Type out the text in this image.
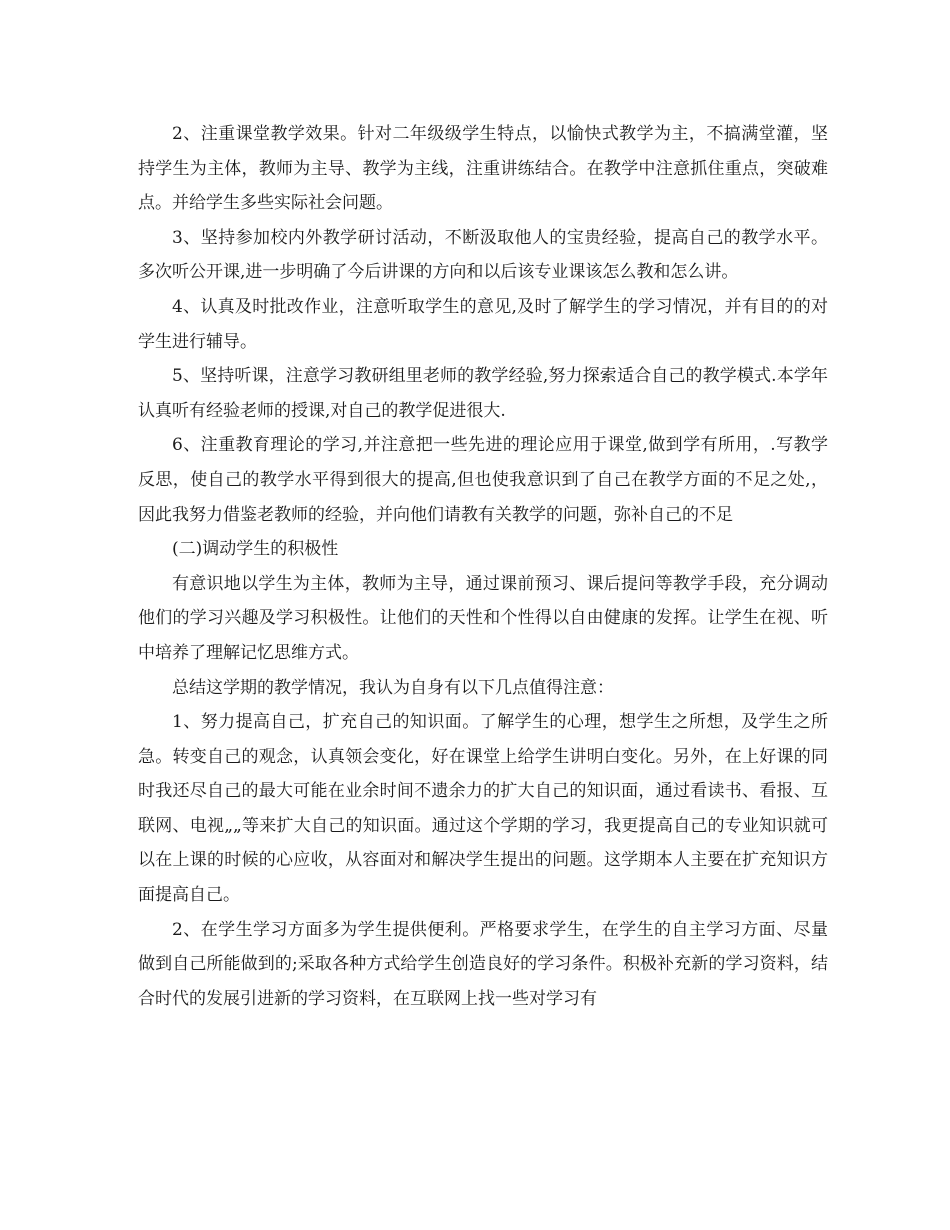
2、注重课堂教学效果。针对二年级级学生特点，以愉快式教学为主，不搞满堂灌，坚持学生为主体，教师为主导、教学为主线，注重讲练结合。在教学中注意抓住重点，突破难点。并给学生多些实际社会问题。

3、坚持参加校内外教学研讨活动，不断汲取他人的宝贵经验，提高自己的教学水平。多次听公开课,进一步明确了今后讲课的方向和以后该专业课该怎么教和怎么讲。

4、认真及时批改作业，注意听取学生的意见,及时了解学生的学习情况，并有目的的对学生进行辅导。

5、坚持听课，注意学习教研组里老师的教学经验,努力探索适合自己的教学模式.本学年认真听有经验老师的授课,对自己的教学促进很大.

6、注重教育理论的学习,并注意把一些先进的理论应用于课堂,做到学有所用，.写教学反思，使自己的教学水平得到很大的提高,但也使我意识到了自己在教学方面的不足之处,，因此我努力借鉴老教师的经验，并向他们请教有关教学的问题，弥补自己的不足

(二)调动学生的积极性

有意识地以学生为主体，教师为主导，通过课前预习、课后提问等教学手段，充分调动他们的学习兴趣及学习积极性。让他们的天性和个性得以自由健康的发挥。让学生在视、听中培养了理解记忆思维方式。

总结这学期的教学情况，我认为自身有以下几点值得注意：

1、努力提高自己，扩充自己的知识面。了解学生的心理，想学生之所想，及学生之所急。转变自己的观念，认真领会变化，好在课堂上给学生讲明白变化。另外，在上好课的同时我还尽自己的最大可能在业余时间不遗余力的扩大自己的知识面，通过看读书、看报、互联网、电视„„等来扩大自己的知识面。通过这个学期的学习，我更提高自己的专业知识就可以在上课的时候的心应收，从容面对和解决学生提出的问题。这学期本人主要在扩充知识方面提高自己。

2、在学生学习方面多为学生提供便利。严格要求学生，在学生的自主学习方面、尽量做到自己所能做到的;采取各种方式给学生创造良好的学习条件。积极补充新的学习资料，结合时代的发展引进新的学习资料，在互联网上找一些对学习有
